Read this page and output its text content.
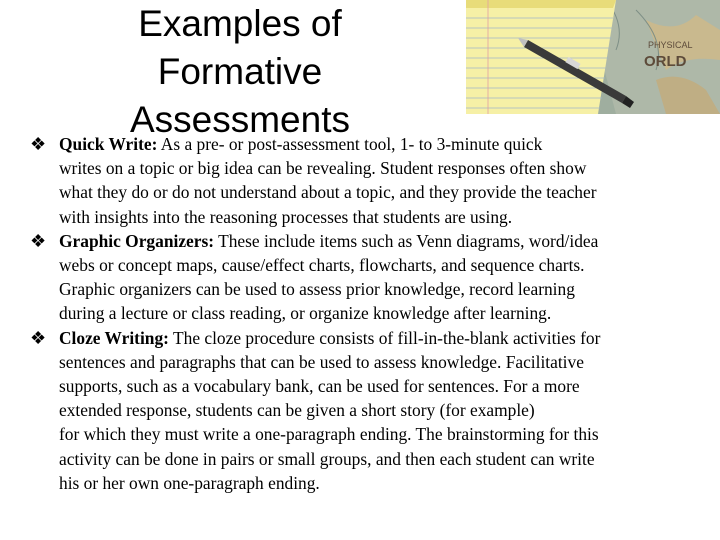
Examples of
Formative
Assessments
PHYSICAL
ORLD
❖ Quick Write: As a pre- or post-assessment tool, 1- to 3-minute quick
writes on a topic or big idea can be revealing. Student responses often show
what they do or do not understand about a topic, and they provide the teacher
with insights into the reasoning processes that students are using.
❖ Graphic Organizers: These include items such as Venn diagrams, word/idea
webs or concept maps, cause/effect charts, flowcharts, and sequence charts.
Graphic organizers can be used to assess prior knowledge, record learning
during a lecture or class reading, or organize knowledge after learning.
❖ Cloze Writing: The cloze procedure consists of fill-in-the-blank activities for
sentences and paragraphs that can be used to assess knowledge. Facilitative
supports, such as a vocabulary bank, can be used for sentences. For a more
extended response, students can be given a short story (for example)
for which they must write a one-paragraph ending. The brainstorming for this
activity can be done in pairs or small groups, and then each student can write
his or her own one-paragraph ending.
